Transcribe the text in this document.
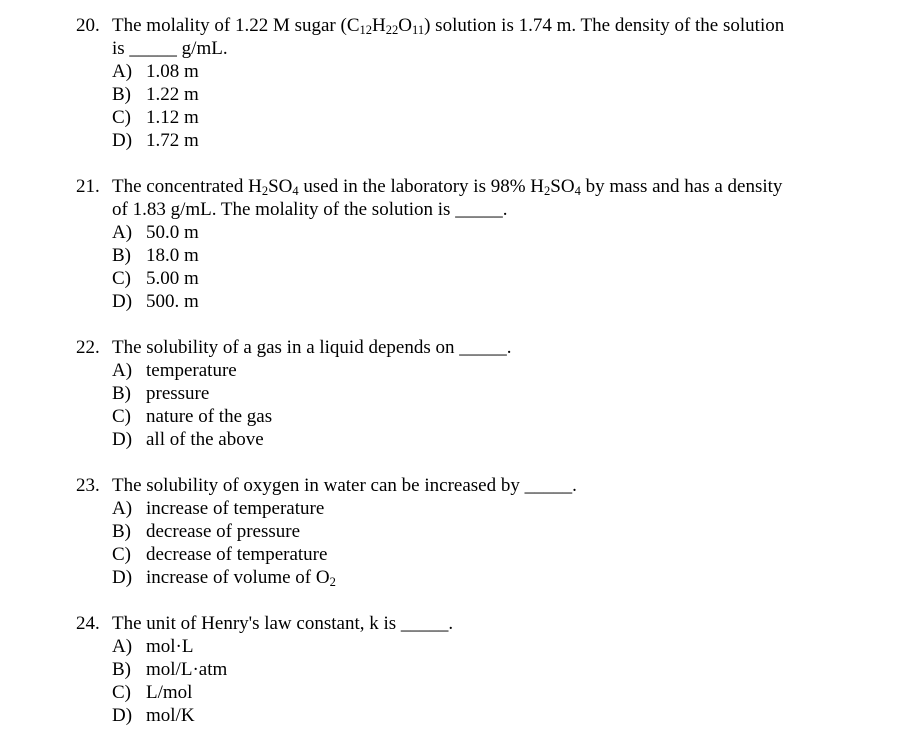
20. The molality of 1.22 M sugar $(C_{12}H_{22}O_{11})$ solution is 1.74 m. The density of the solution
is _____ g/mL.
A) 1.08 m
B) 1.22 m
C) 1.12 m
D) 1.72 m
21. The concentrated $H_2SO_4$ used in the laboratory is 98% $H_2SO_4$ by mass and has a density
of 1.83 g/mL. The molality of the solution is _____.
A) 50.0 m
B) 18.0 m
C) 5.00 m
D) 500. m
22. The solubility of a gas in a liquid depends on _____.
A) temperature
B) pressure
C) nature of the gas
D) all of the above
23. The solubility of oxygen in water can be increased by _____.
A) increase of temperature
B) decrease of pressure
C) decrease of temperature
D) increase of volume of $O_2$
24. The unit of Henry's law constant, k is _____.
A) mol·L
B) mol/L·atm
C) L/mol
D) mol/K
